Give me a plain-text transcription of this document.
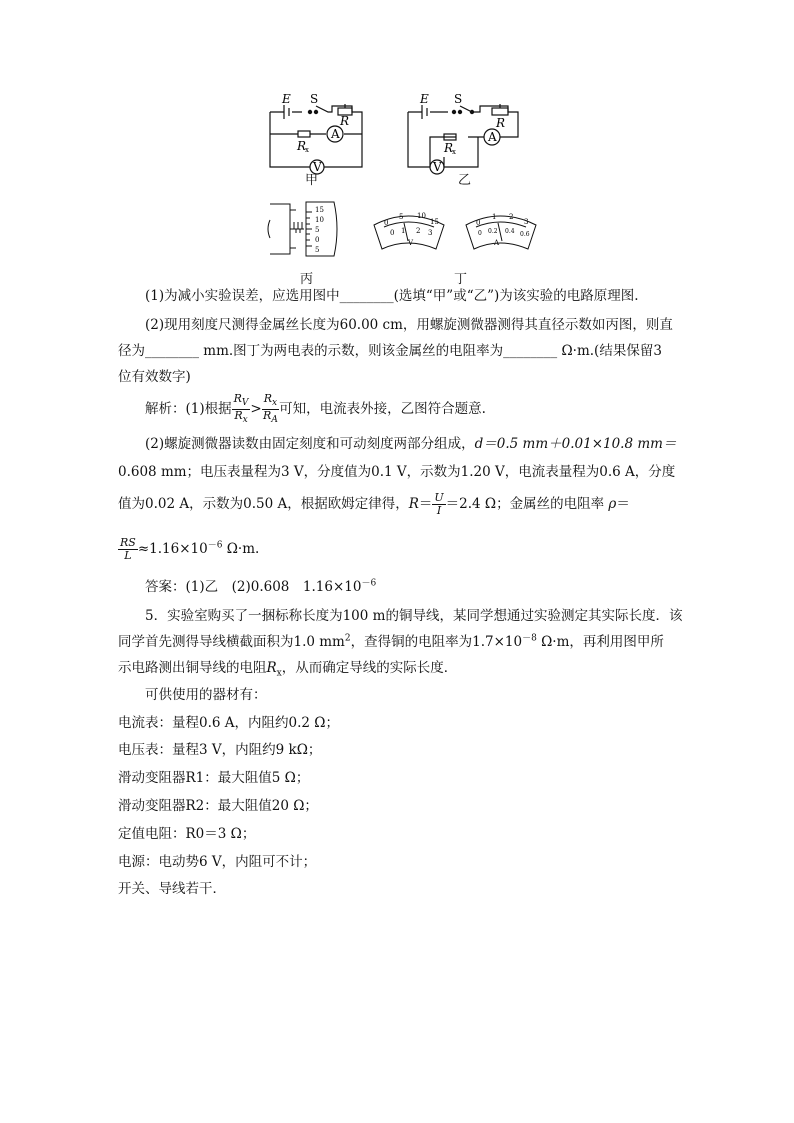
E S
R
R
x
A
V
甲
E S
R
R
x
A
V
乙
15
10
5
0
5
丙
0
5 10
15
0 1 2 3
V
0
1 2
3
0 0.2 0.4 0.6
A
丁
(1)为减小实验误差，应选用图中________(选填“甲”或“乙”)为该实验的电路原理图.
(2)现用刻度尺测得金属丝长度为60.00 cm，用螺旋测微器测得其直径示数如丙图，则直
径为________ mm.图丁为两电表的示数，则该金属丝的电阻率为________ Ω·m.(结果保留3
位有效数字)
解析：(1)根据 $\frac{R_V}{R_x} > \frac{R_x}{R_A}$ 可知，电流表外接，乙图符合题意.
(2)螺旋测微器读数由固定刻度和可动刻度两部分组成，d＝0.5 mm＋0.01×10.8 mm＝
0.608 mm；电压表量程为3 V，分度值为0.1 V，示数为1.20 V，电流表量程为0.6 A，分度
值为0.02 A，示数为0.50 A，根据欧姆定律得，$R= \frac{U}{I} =2.4$ Ω；金属丝的电阻率 ρ＝
$\frac{RS}{L} \approx 1.16\times 10^{-6}$ Ω·m.
答案：(1)乙　(2)0.608　$1.16\times 10^{-6}$
5．实验室购买了一捆标称长度为100 m的铜导线，某同学想通过实验测定其实际长度．该
同学首先测得导线横截面积为1.0 $mm^2$，查得铜的电阻率为$1.7\times 10^{-8}$ Ω·m，再利用图甲所
示电路测出铜导线的电阻$R_x$，从而确定导线的实际长度．
可供使用的器材有：
电流表：量程0.6 A，内阻约0.2 Ω；
电压表：量程3 V，内阻约9 kΩ；
滑动变阻器R1：最大阻值5 Ω；
滑动变阻器R2：最大阻值20 Ω；
定值电阻：R0＝3 Ω；
电源：电动势6 V，内阻可不计；
开关、导线若干．
